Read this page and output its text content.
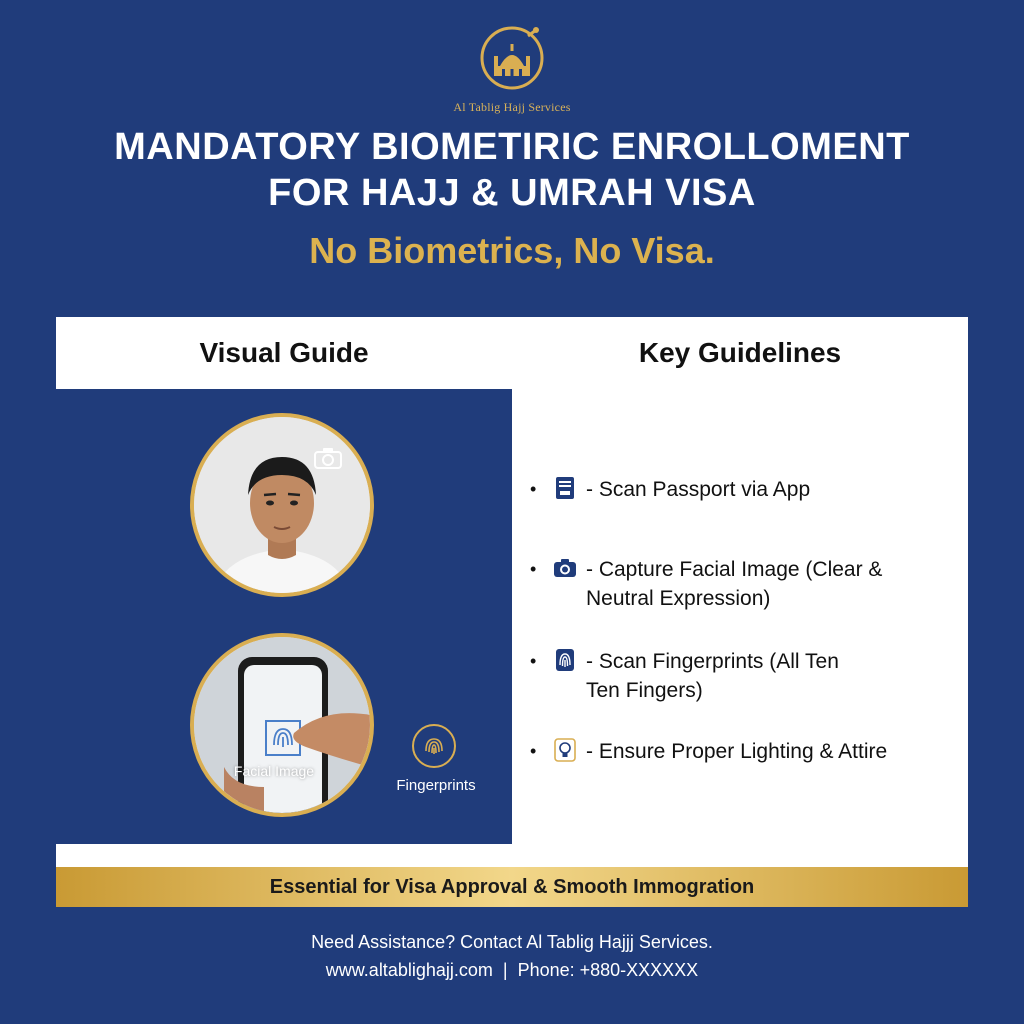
Al Tablig Hajj Services
MANDATORY BIOMETIRIC ENROLLOMENT
FOR HAJJ & UMRAH VISA
No Biometrics, No Visa.
Visual Guide	Key Guidelines
Facial Image
Fingerprints
•	- Scan Passport via App
•	- Capture Facial Image (Clear &
Neutral Expression)
•	- Scan Fingerprints (All Ten
Ten Fingers)
•	- Ensure Proper Lighting & Attire
Essential for Visa Approval & Smooth Immogration
Need Assistance? Contact Al Tablig Hajjj Services.
www.altablighajj.com | Phone: +880-XXXXXX
